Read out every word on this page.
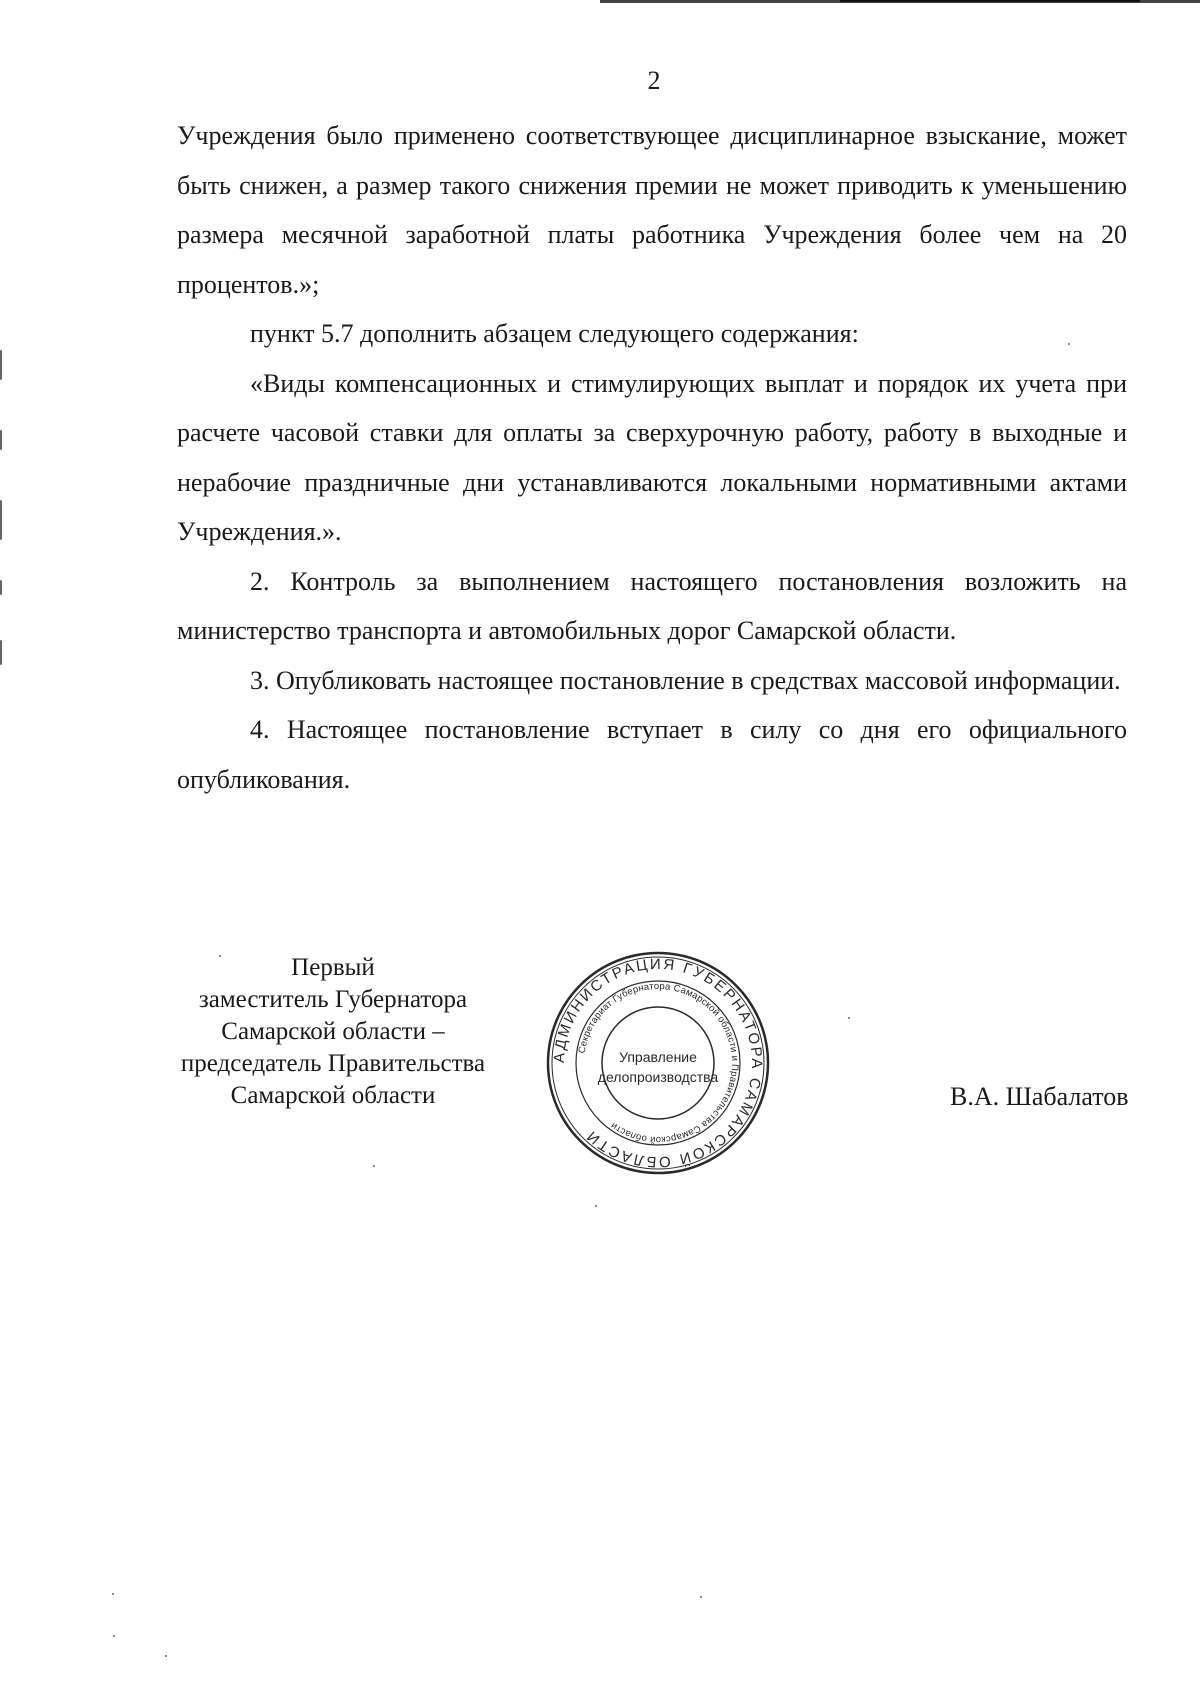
2

Учреждения было применено соответствующее дисциплинарное взыскание, может быть снижен, а размер такого снижения премии не может приводить к уменьшению размера месячной заработной платы работника Учреждения более чем на 20 процентов.»;

пункт 5.7 дополнить абзацем следующего содержания:

«Виды компенсационных и стимулирующих выплат и порядок их учета при расчете часовой ставки для оплаты за сверхурочную работу, работу в выходные и нерабочие праздничные дни устанавливаются локальными нормативными актами Учреждения.».

2. Контроль за выполнением настоящего постановления возложить на министерство транспорта и автомобильных дорог Самарской области.

3. Опубликовать настоящее постановление в средствах массовой информации.

4. Настоящее постановление вступает в силу со дня его официального опубликования.

Первый
заместитель Губернатора
Самарской области –
председатель Правительства
Самарской области
АДМИНИСТРАЦИЯ ГУБЕРНАТОРА САМАРСКОЙ ОБЛАСТИ
Секретариат Губернатора Самарской области и Правительства Самарской области
Управление
делопроизводства
В.А. Шабалатов
